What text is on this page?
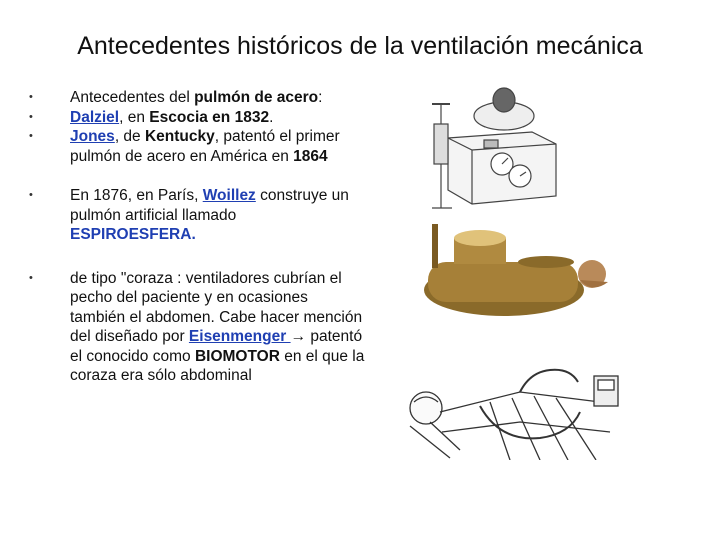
Antecedentes históricos de la ventilación mecánica
• Antecedentes del pulmón de acero:
• Dalziel, en Escocia en 1832.
• Jones, de Kentucky, patentó el primer pulmón de acero en América en 1864
• En 1876, en París, Woillez construye un pulmón artificial llamado ESPIROESFERA.
• de tipo "coraza : ventiladores cubrían el pecho del paciente y en ocasiones también el abdomen. Cabe hacer mención del diseñado por Eisenmenger → patentó el conocido como BIOMOTOR en el que la coraza era sólo abdominal
